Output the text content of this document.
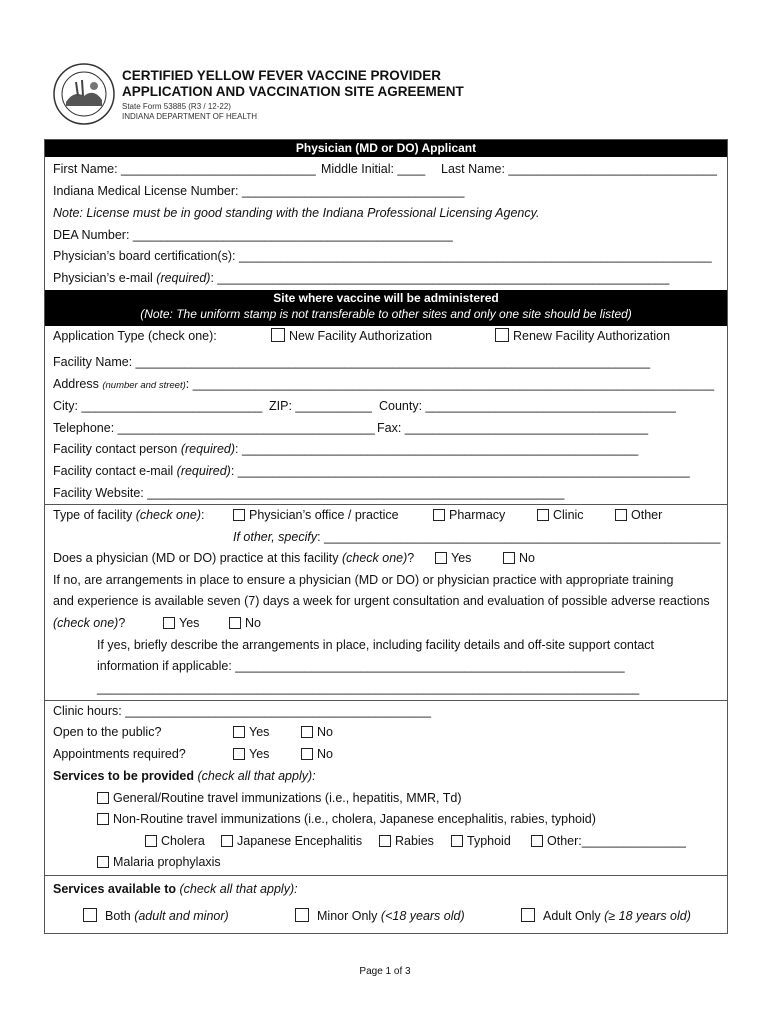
CERTIFIED YELLOW FEVER VACCINE PROVIDER
APPLICATION AND VACCINATION SITE AGREEMENT
State Form 53885 (R3 / 12-22)
INDIANA DEPARTMENT OF HEALTH
Physician (MD or DO) Applicant
First Name: ____________________________ Middle Initial: ____ Last Name: ______________________________
Indiana Medical License Number: ________________________________
Note: License must be in good standing with the Indiana Professional Licensing Agency.
DEA Number: ______________________________________________
Physician’s board certification(s): ____________________________________________________________________
Physician’s e-mail (required): _________________________________________________________________
Site where vaccine will be administered
(Note: The uniform stamp is not transferable to other sites and only one site should be listed)
Application Type (check one):	New Facility Authorization	Renew Facility Authorization
Facility Name: __________________________________________________________________________
Address (number and street): ___________________________________________________________________________
City: __________________________ ZIP: ___________ County: ____________________________________
Telephone: _____________________________________ Fax: ___________________________________
Facility contact person (required): _________________________________________________________
Facility contact e-mail (required): _________________________________________________________________
Facility Website: ____________________________________________________________
Type of facility (check one):	Physician’s office / practice	Pharmacy	Clinic	Other
If other, specify: _________________________________________________________
Does a physician (MD or DO) practice at this facility (check one)?	Yes	No
If no, are arrangements in place to ensure a physician (MD or DO) or physician practice with appropriate training
and experience is available seven (7) days a week for urgent consultation and evaluation of possible adverse reactions
(check one)?	Yes	No
If yes, briefly describe the arrangements in place, including facility details and off-site support contact
information if applicable: ________________________________________________________
______________________________________________________________________________
Clinic hours: ____________________________________________
Open to the public?	Yes	No
Appointments required?	Yes	No
Services to be provided (check all that apply):
General/Routine travel immunizations (i.e., hepatitis, MMR, Td)
Non-Routine travel immunizations (i.e., cholera, Japanese encephalitis, rabies, typhoid)
Cholera	Japanese Encephalitis	Rabies	Typhoid	Other:_______________
Malaria prophylaxis
Services available to (check all that apply):
Both (adult and minor)	Minor Only (<18 years old)	Adult Only (≥ 18 years old)
Page 1 of 3
